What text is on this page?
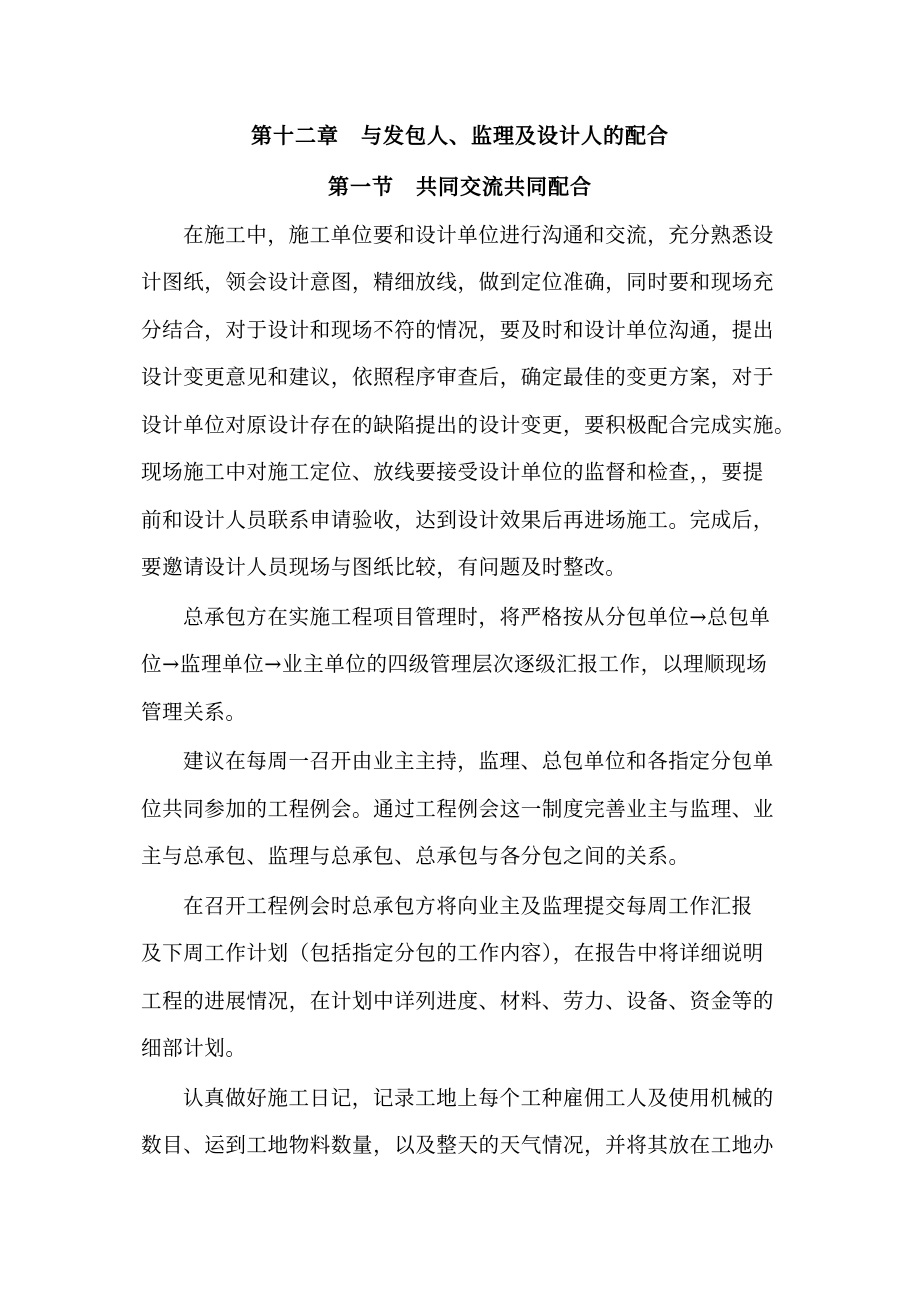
第十二章　与发包人、监理及设计人的配合
第一节　共同交流共同配合
在施工中，施工单位要和设计单位进行沟通和交流，充分熟悉设
计图纸，领会设计意图，精细放线，做到定位准确，同时要和现场充
分结合，对于设计和现场不符的情况，要及时和设计单位沟通，提出
设计变更意见和建议，依照程序审查后，确定最佳的变更方案，对于
设计单位对原设计存在的缺陷提出的设计变更，要积极配合完成实施。
现场施工中对施工定位、放线要接受设计单位的监督和检查，，要提
前和设计人员联系申请验收，达到设计效果后再进场施工。完成后，
要邀请设计人员现场与图纸比较，有问题及时整改。
总承包方在实施工程项目管理时，将严格按从分包单位→总包单
位→监理单位→业主单位的四级管理层次逐级汇报工作，以理顺现场
管理关系。
建议在每周一召开由业主主持，监理、总包单位和各指定分包单
位共同参加的工程例会。通过工程例会这一制度完善业主与监理、业
主与总承包、监理与总承包、总承包与各分包之间的关系。
在召开工程例会时总承包方将向业主及监理提交每周工作汇报
及下周工作计划（包括指定分包的工作内容），在报告中将详细说明
工程的进展情况，在计划中详列进度、材料、劳力、设备、资金等的
细部计划。
认真做好施工日记，记录工地上每个工种雇佣工人及使用机械的
数目、运到工地物料数量，以及整天的天气情况，并将其放在工地办
